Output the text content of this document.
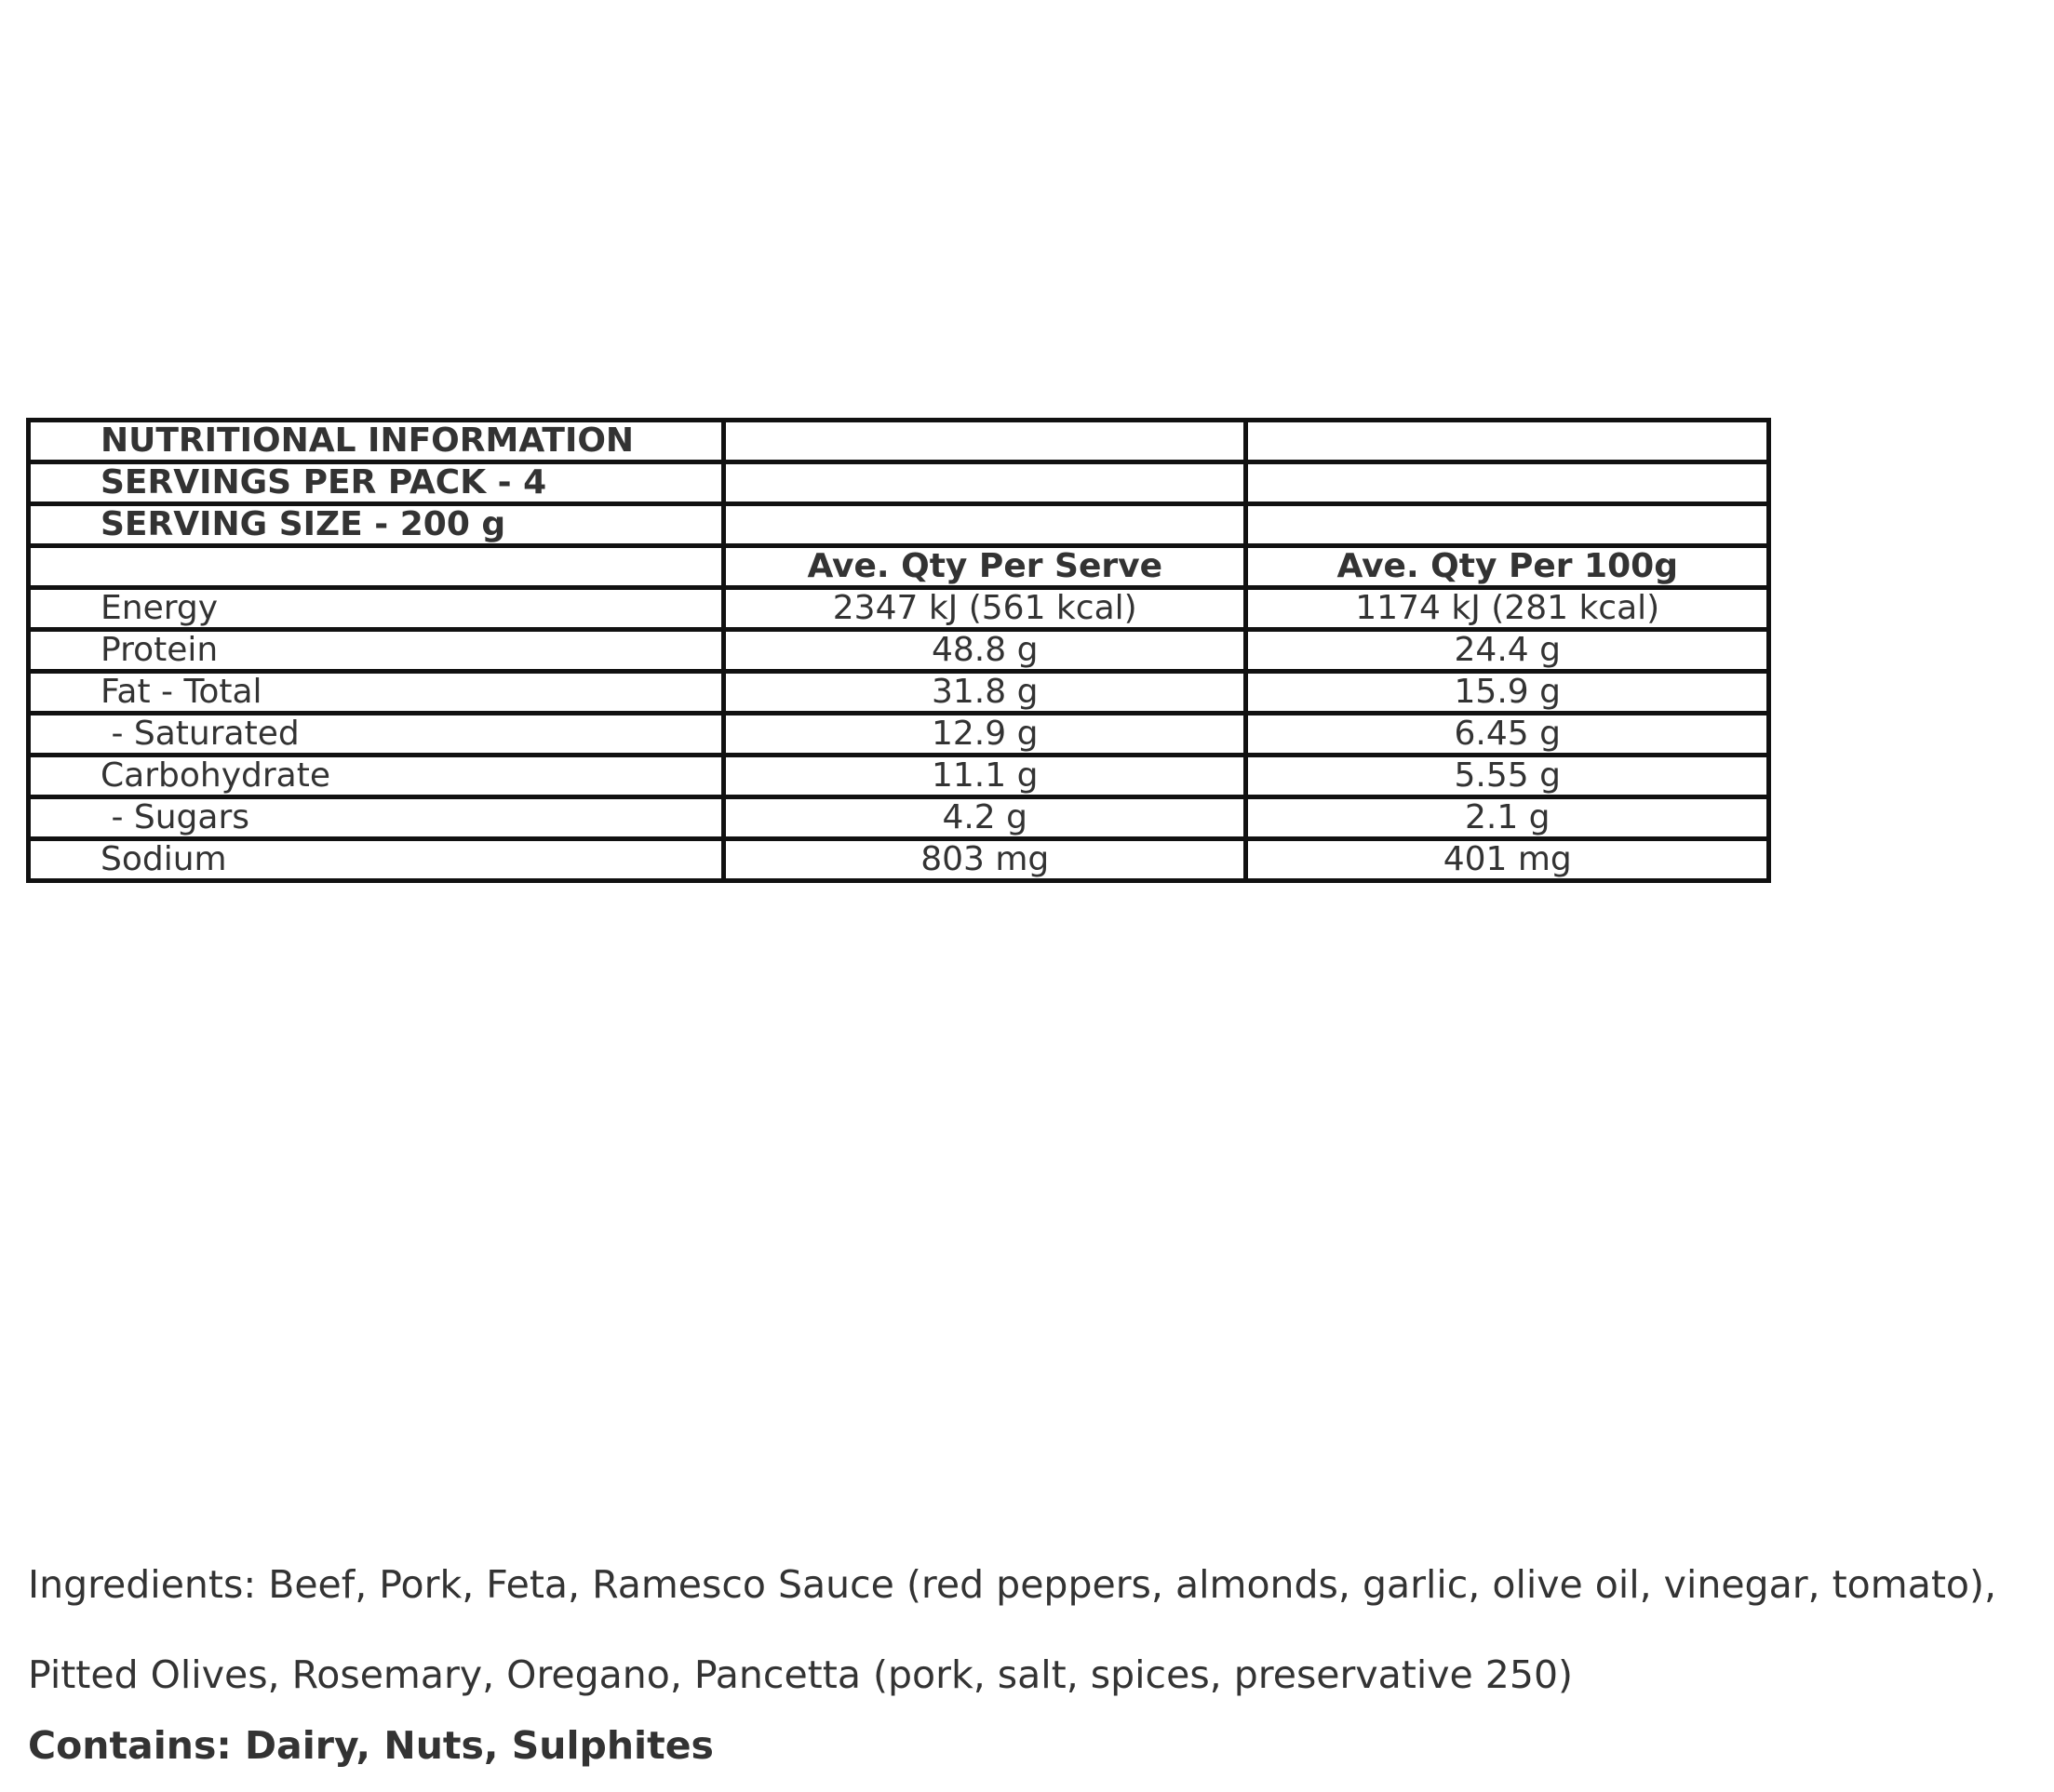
NUTRITIONAL INFORMATION		
SERVINGS PER PACK - 4		
SERVING SIZE - 200 g		
	Ave. Qty Per Serve	Ave. Qty Per 100g
Energy	2347 kJ (561 kcal)	1174 kJ (281 kcal)
Protein	48.8 g	24.4 g
Fat - Total	31.8 g	15.9 g
- Saturated	12.9 g	6.45 g
Carbohydrate	11.1 g	5.55 g
- Sugars	4.2 g	2.1 g
Sodium	803 mg	401 mg

Ingredients: Beef, Pork, Feta, Ramesco Sauce (red peppers, almonds, garlic, olive oil, vinegar, tomato),
Pitted Olives, Rosemary, Oregano, Pancetta (pork, salt, spices, preservative 250)

Contains: Dairy, Nuts, Sulphites
